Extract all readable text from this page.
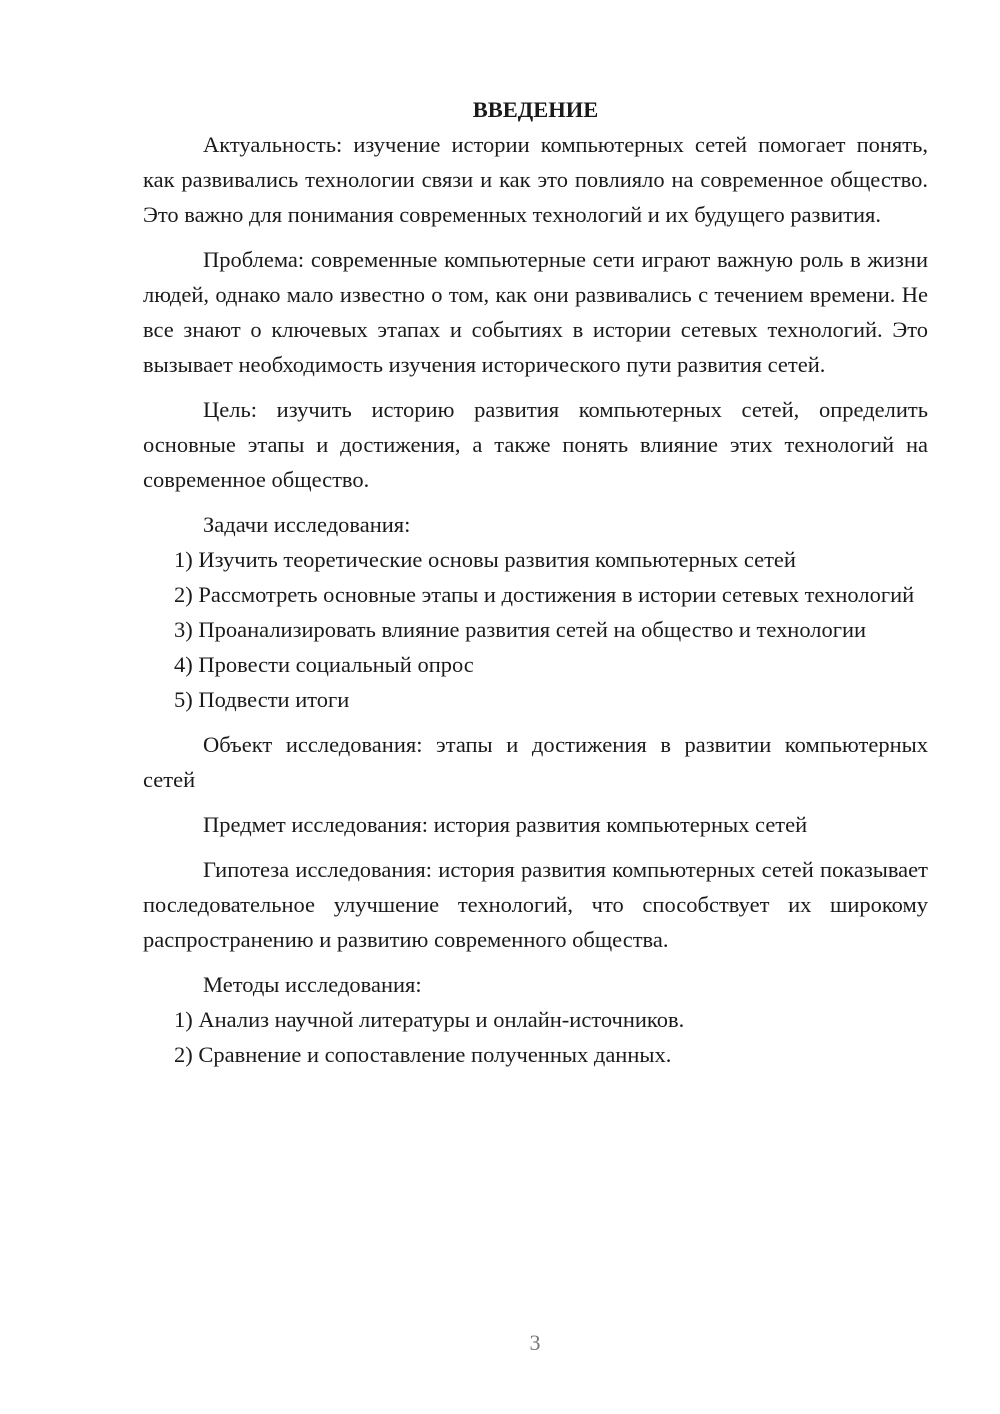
ВВЕДЕНИЕ

Актуальность: изучение истории компьютерных сетей помогает понять, как развивались технологии связи и как это повлияло на современное общество. Это важно для понимания современных технологий и их будущего развития.

Проблема: современные компьютерные сети играют важную роль в жизни людей, однако мало известно о том, как они развивались с течением времени. Не все знают о ключевых этапах и событиях в истории сетевых технологий. Это вызывает необходимость изучения исторического пути развития сетей.

Цель: изучить историю развития компьютерных сетей, определить основные этапы и достижения, а также понять влияние этих технологий на современное общество.

Задачи исследования:

1) Изучить теоретические основы развития компьютерных сетей

2) Рассмотреть основные этапы и достижения в истории сетевых технологий

3) Проанализировать влияние развития сетей на общество и технологии

4) Провести социальный опрос

5) Подвести итоги

Объект исследования: этапы и достижения в развитии компьютерных сетей

Предмет исследования: история развития компьютерных сетей

Гипотеза исследования: история развития компьютерных сетей показывает последовательное улучшение технологий, что способствует их широкому распространению и развитию современного общества.

Методы исследования:

1) Анализ научной литературы и онлайн-источников.

2) Сравнение и сопоставление полученных данных.

3
